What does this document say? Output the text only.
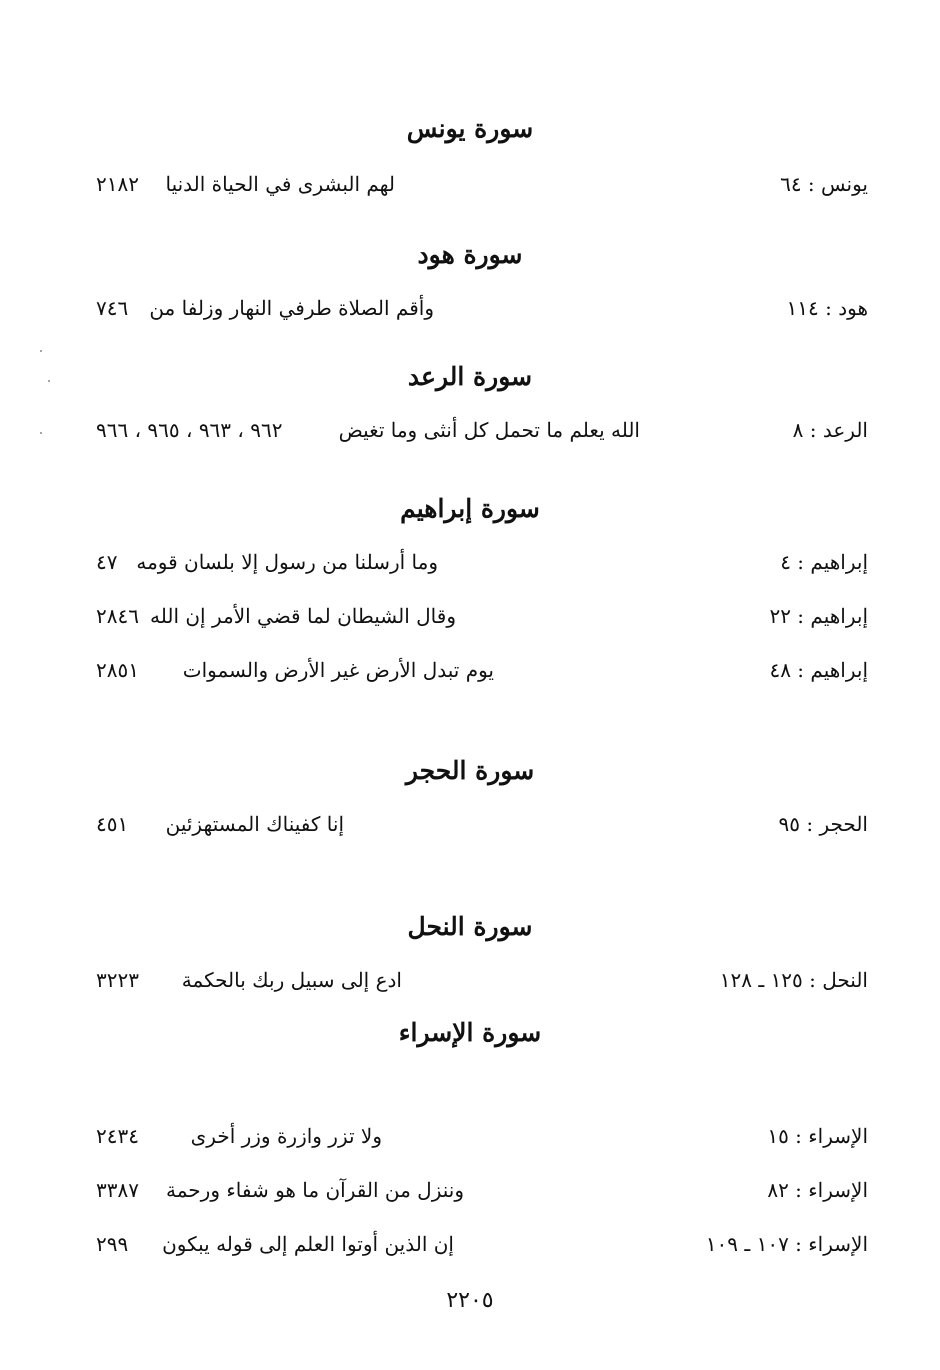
سورة يونس
يونس : ٦٤
لهم البشرى في الحياة الدنيا
٢١٨٢
سورة هود
هود : ١١٤
وأقم الصلاة طرفي النهار وزلفا من
٧٤٦
سورة الرعد
الرعد : ٨
الله يعلم ما تحمل كل أنثى وما تغيض
٩٦٢ ، ٩٦٣ ، ٩٦٥ ، ٩٦٦
سورة إبراهيم
إبراهيم : ٤
وما أرسلنا من رسول إلا بلسان قومه
٤٧
إبراهيم : ٢٢
وقال الشيطان لما قضي الأمر إن الله
٢٨٤٦
إبراهيم : ٤٨
يوم تبدل الأرض غير الأرض والسموات
٢٨٥١
سورة الحجر
الحجر : ٩٥
إنا كفيناك المستهزئين
٤٥١
سورة النحل
النحل : ١٢٥ ـ ١٢٨
ادع إلى سبيل ربك بالحكمة
٣٢٢٣
سورة الإسراء
الإسراء : ١٥
ولا تزر وازرة وزر أخرى
٢٤٣٤
الإسراء : ٨٢
وننزل من القرآن ما هو شفاء ورحمة
٣٣٨٧
الإسراء : ١٠٧ ـ ١٠٩
إن الذين أوتوا العلم إلى قوله يبكون
٢٩٩
٢٢٠٥
